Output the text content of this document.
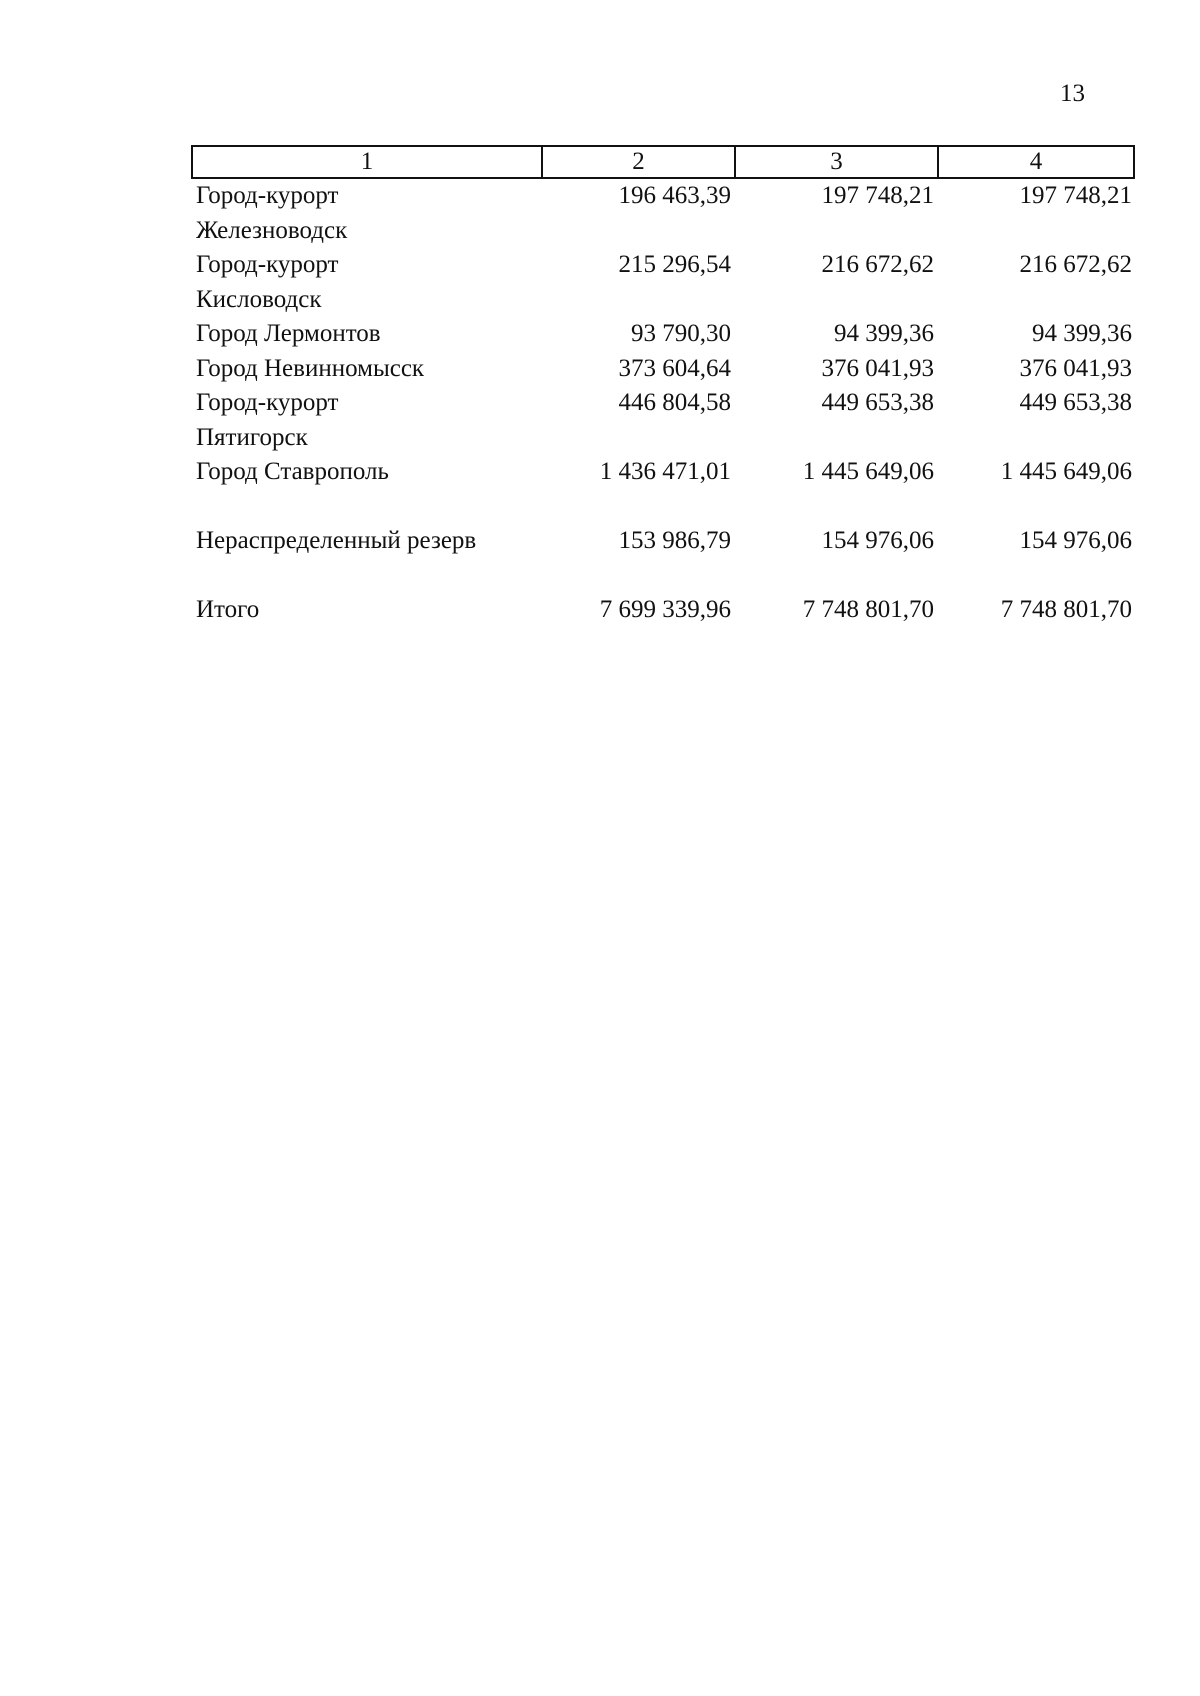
13
1	2	3	4
Город-курорт
Железноводск
196 463,39	197 748,21	197 748,21
Город-курорт
Кисловодск
215 296,54	216 672,62	216 672,62
Город Лермонтов	93 790,30	94 399,36	94 399,36
Город Невинномысск	373 604,64	376 041,93	376 041,93
Город-курорт
Пятигорск
446 804,58	449 653,38	449 653,38
Город Ставрополь	1 436 471,01	1 445 649,06	1 445 649,06
Нераспределенный резерв	153 986,79	154 976,06	154 976,06
Итого	7 699 339,96	7 748 801,70	7 748 801,70
